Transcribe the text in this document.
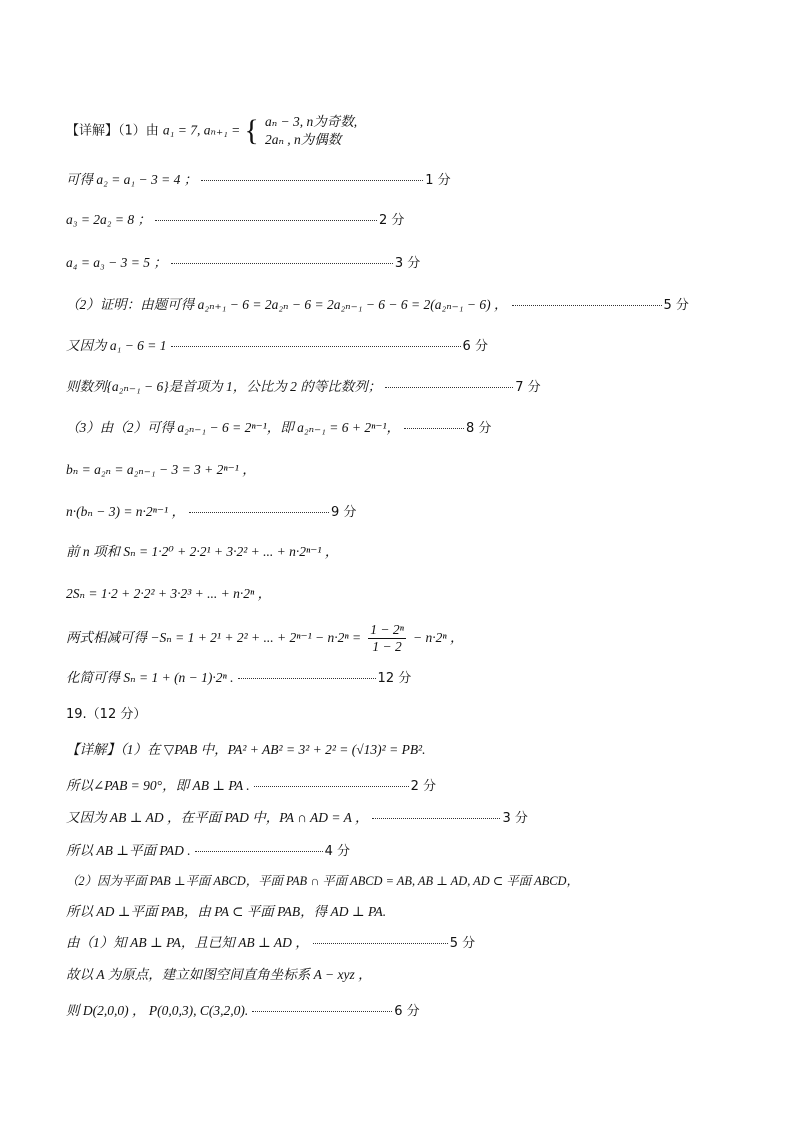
【详解】（1）由 a₁ = 7, aₙ₊₁ = { aₙ − 3, n为奇数,
2aₙ , n为偶数
可得 a₂ = a₁ − 3 = 4 ；	1 分
a₃ = 2a₂ = 8 ；	2 分
a₄ = a₃ − 3 = 5 ；	3 分
（2）证明：由题可得 a₂ₙ₊₁ − 6 = 2a₂ₙ − 6 = 2a₂ₙ₋₁ − 6 − 6 = 2(a₂ₙ₋₁ − 6) ，	5 分
又因为 a₁ − 6 = 1	6 分
则数列{a₂ₙ₋₁ − 6}是首项为 1，公比为 2 的等比数列；	7 分
（3）由（2）可得 a₂ₙ₋₁ − 6 = 2ⁿ⁻¹，即 a₂ₙ₋₁ = 6 + 2ⁿ⁻¹，	8 分
bₙ = a₂ₙ = a₂ₙ₋₁ − 3 = 3 + 2ⁿ⁻¹ ，
n·(bₙ − 3) = n·2ⁿ⁻¹ ，	9 分
前 n 项和 Sₙ = 1·2⁰ + 2·2¹ + 3·2² + ... + n·2ⁿ⁻¹ ，
2Sₙ = 1·2 + 2·2² + 3·2³ + ... + n·2ⁿ ，
两式相减可得 −Sₙ = 1 + 2¹ + 2² + ... + $2^{n-1} - n\cdot 2^n = \frac{\text{1 − 2ⁿ}}{1 - 2} - n\cdot 2^n$ ，
化简可得 Sₙ = 1 + (n − 1)·2ⁿ .	12 分
19.（12 分）
【详解】（1）在 ▽PAB 中，PA² + AB² = 3² + 2² = (√13)² = PB².
所以∠PAB = 90°，即 AB ⊥ PA .	2 分
又因为 AB ⊥ AD ，在平面 PAD 中，PA ∩ AD = A ，	3 分
所以 AB ⊥平面 PAD .	4 分
（2）因为平面 PAB ⊥平面 ABCD，平面 PAB ∩ 平面 ABCD = AB, AB ⊥ AD, AD ⊂ 平面 ABCD，
所以 AD ⊥平面 PAB，由 PA ⊂ 平面 PAB，得 AD ⊥ PA.
由（1）知 AB ⊥ PA，且已知 AB ⊥ AD ，	5 分
故以 A 为原点，建立如图空间直角坐标系 A − xyz ，
则 D(2,0,0) ， P(0,0,3), C(3,2,0).	6 分
